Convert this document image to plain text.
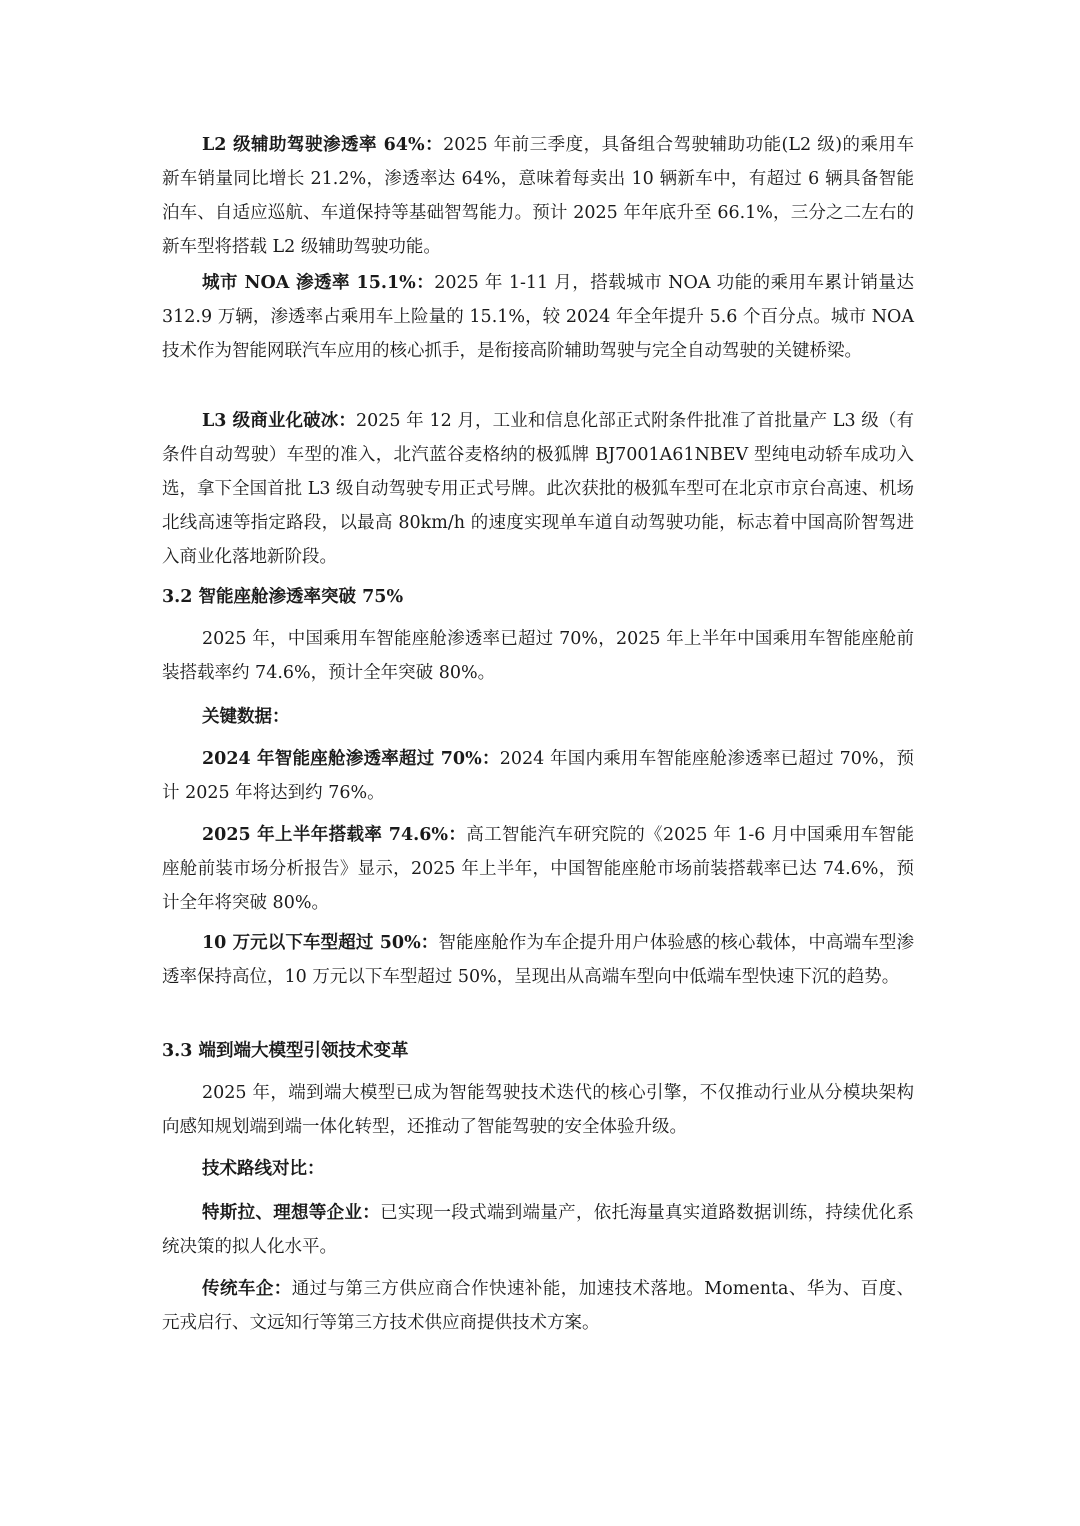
L2 级辅助驾驶渗透率 64%：2025 年前三季度，具备组合驾驶辅助功能(L2 级)的乘用车新车销量同比增长 21.2%，渗透率达 64%，意味着每卖出 10 辆新车中，有超过 6 辆具备智能泊车、自适应巡航、车道保持等基础智驾能力。预计 2025 年年底升至 66.1%，三分之二左右的新车型将搭载 L2 级辅助驾驶功能。

城市 NOA 渗透率 15.1%：2025 年 1-11 月，搭载城市 NOA 功能的乘用车累计销量达 312.9 万辆，渗透率占乘用车上险量的 15.1%，较 2024 年全年提升 5.6 个百分点。城市 NOA 技术作为智能网联汽车应用的核心抓手，是衔接高阶辅助驾驶与完全自动驾驶的关键桥梁。

L3 级商业化破冰：2025 年 12 月，工业和信息化部正式附条件批准了首批量产 L3 级（有条件自动驾驶）车型的准入，北汽蓝谷麦格纳的极狐牌 BJ7001A61NBEV 型纯电动轿车成功入选，拿下全国首批 L3 级自动驾驶专用正式号牌。此次获批的极狐车型可在北京市京台高速、机场北线高速等指定路段，以最高 80km/h 的速度实现单车道自动驾驶功能，标志着中国高阶智驾进入商业化落地新阶段。

3.2 智能座舱渗透率突破 75%

2025 年，中国乘用车智能座舱渗透率已超过 70%，2025 年上半年中国乘用车智能座舱前装搭载率约 74.6%，预计全年突破 80%。

关键数据：

2024 年智能座舱渗透率超过 70%：2024 年国内乘用车智能座舱渗透率已超过 70%，预计 2025 年将达到约 76%。

2025 年上半年搭载率 74.6%：高工智能汽车研究院的《2025 年 1-6 月中国乘用车智能座舱前装市场分析报告》显示，2025 年上半年，中国智能座舱市场前装搭载率已达 74.6%，预计全年将突破 80%。

10 万元以下车型超过 50%：智能座舱作为车企提升用户体验感的核心载体，中高端车型渗透率保持高位，10 万元以下车型超过 50%，呈现出从高端车型向中低端车型快速下沉的趋势。

3.3 端到端大模型引领技术变革

2025 年，端到端大模型已成为智能驾驶技术迭代的核心引擎，不仅推动行业从分模块架构向感知规划端到端一体化转型，还推动了智能驾驶的安全体验升级。

技术路线对比：

特斯拉、理想等企业：已实现一段式端到端量产，依托海量真实道路数据训练，持续优化系统决策的拟人化水平。

传统车企：通过与第三方供应商合作快速补能，加速技术落地。Momenta、华为、百度、元戎启行、文远知行等第三方技术供应商提供技术方案。
